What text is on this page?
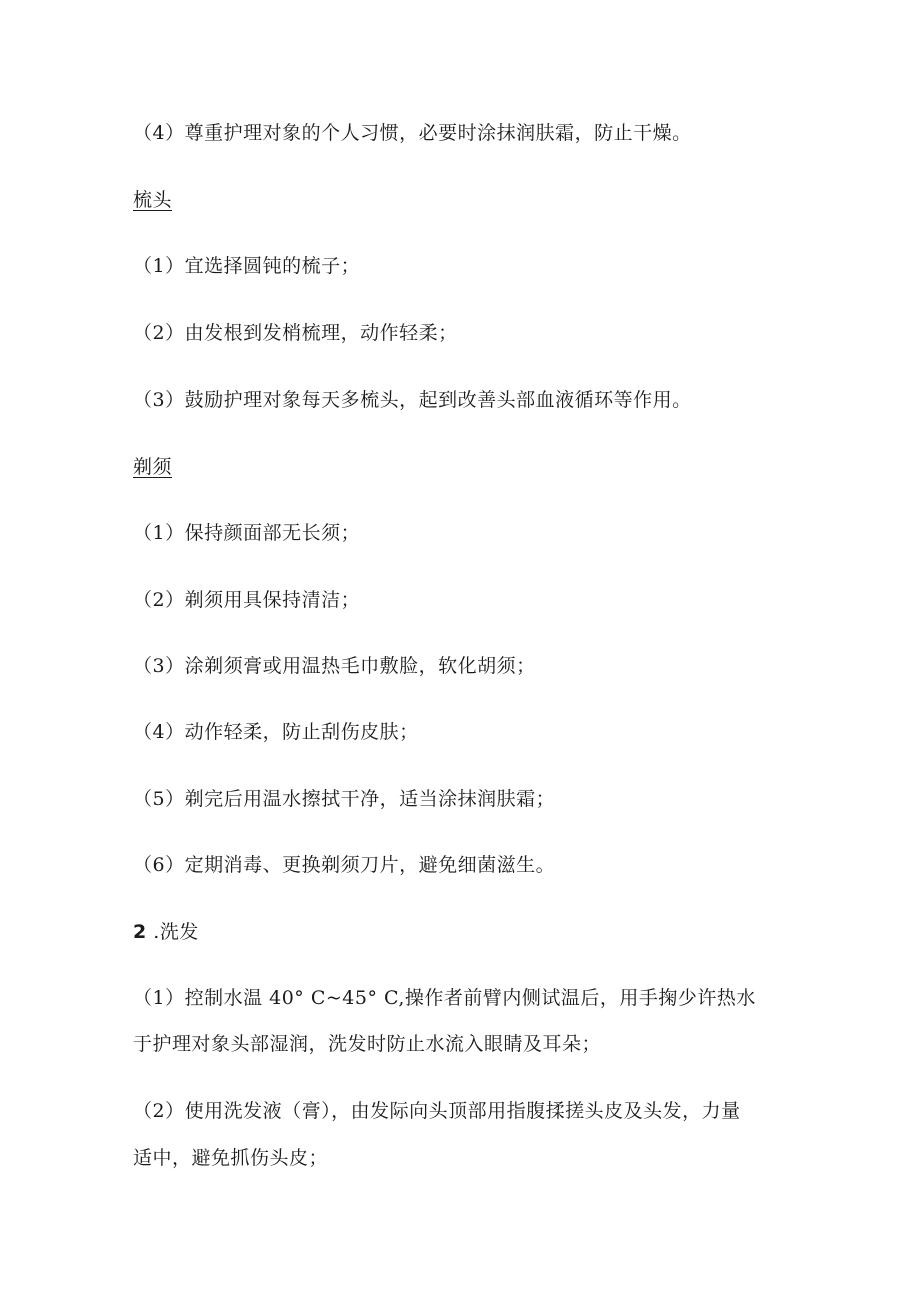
（4）尊重护理对象的个人习惯，必要时涂抹润肤霜，防止干燥。
梳头
（1）宜选择圆钝的梳子；
（2）由发根到发梢梳理，动作轻柔；
（3）鼓励护理对象每天多梳头，起到改善头部血液循环等作用。
剃须
（1）保持颜面部无长须；
（2）剃须用具保持清洁；
（3）涂剃须膏或用温热毛巾敷脸，软化胡须；
（4）动作轻柔，防止刮伤皮肤；
（5）剃完后用温水擦拭干净，适当涂抹润肤霜；
（6）定期消毒、更换剃须刀片，避免细菌滋生。
2 .洗发
（1）控制水温 40° C~45° C,操作者前臂内侧试温后，用手掬少许热水
于护理对象头部湿润，洗发时防止水流入眼睛及耳朵；
（2）使用洗发液（膏），由发际向头顶部用指腹揉搓头皮及头发，力量
适中，避免抓伤头皮；
